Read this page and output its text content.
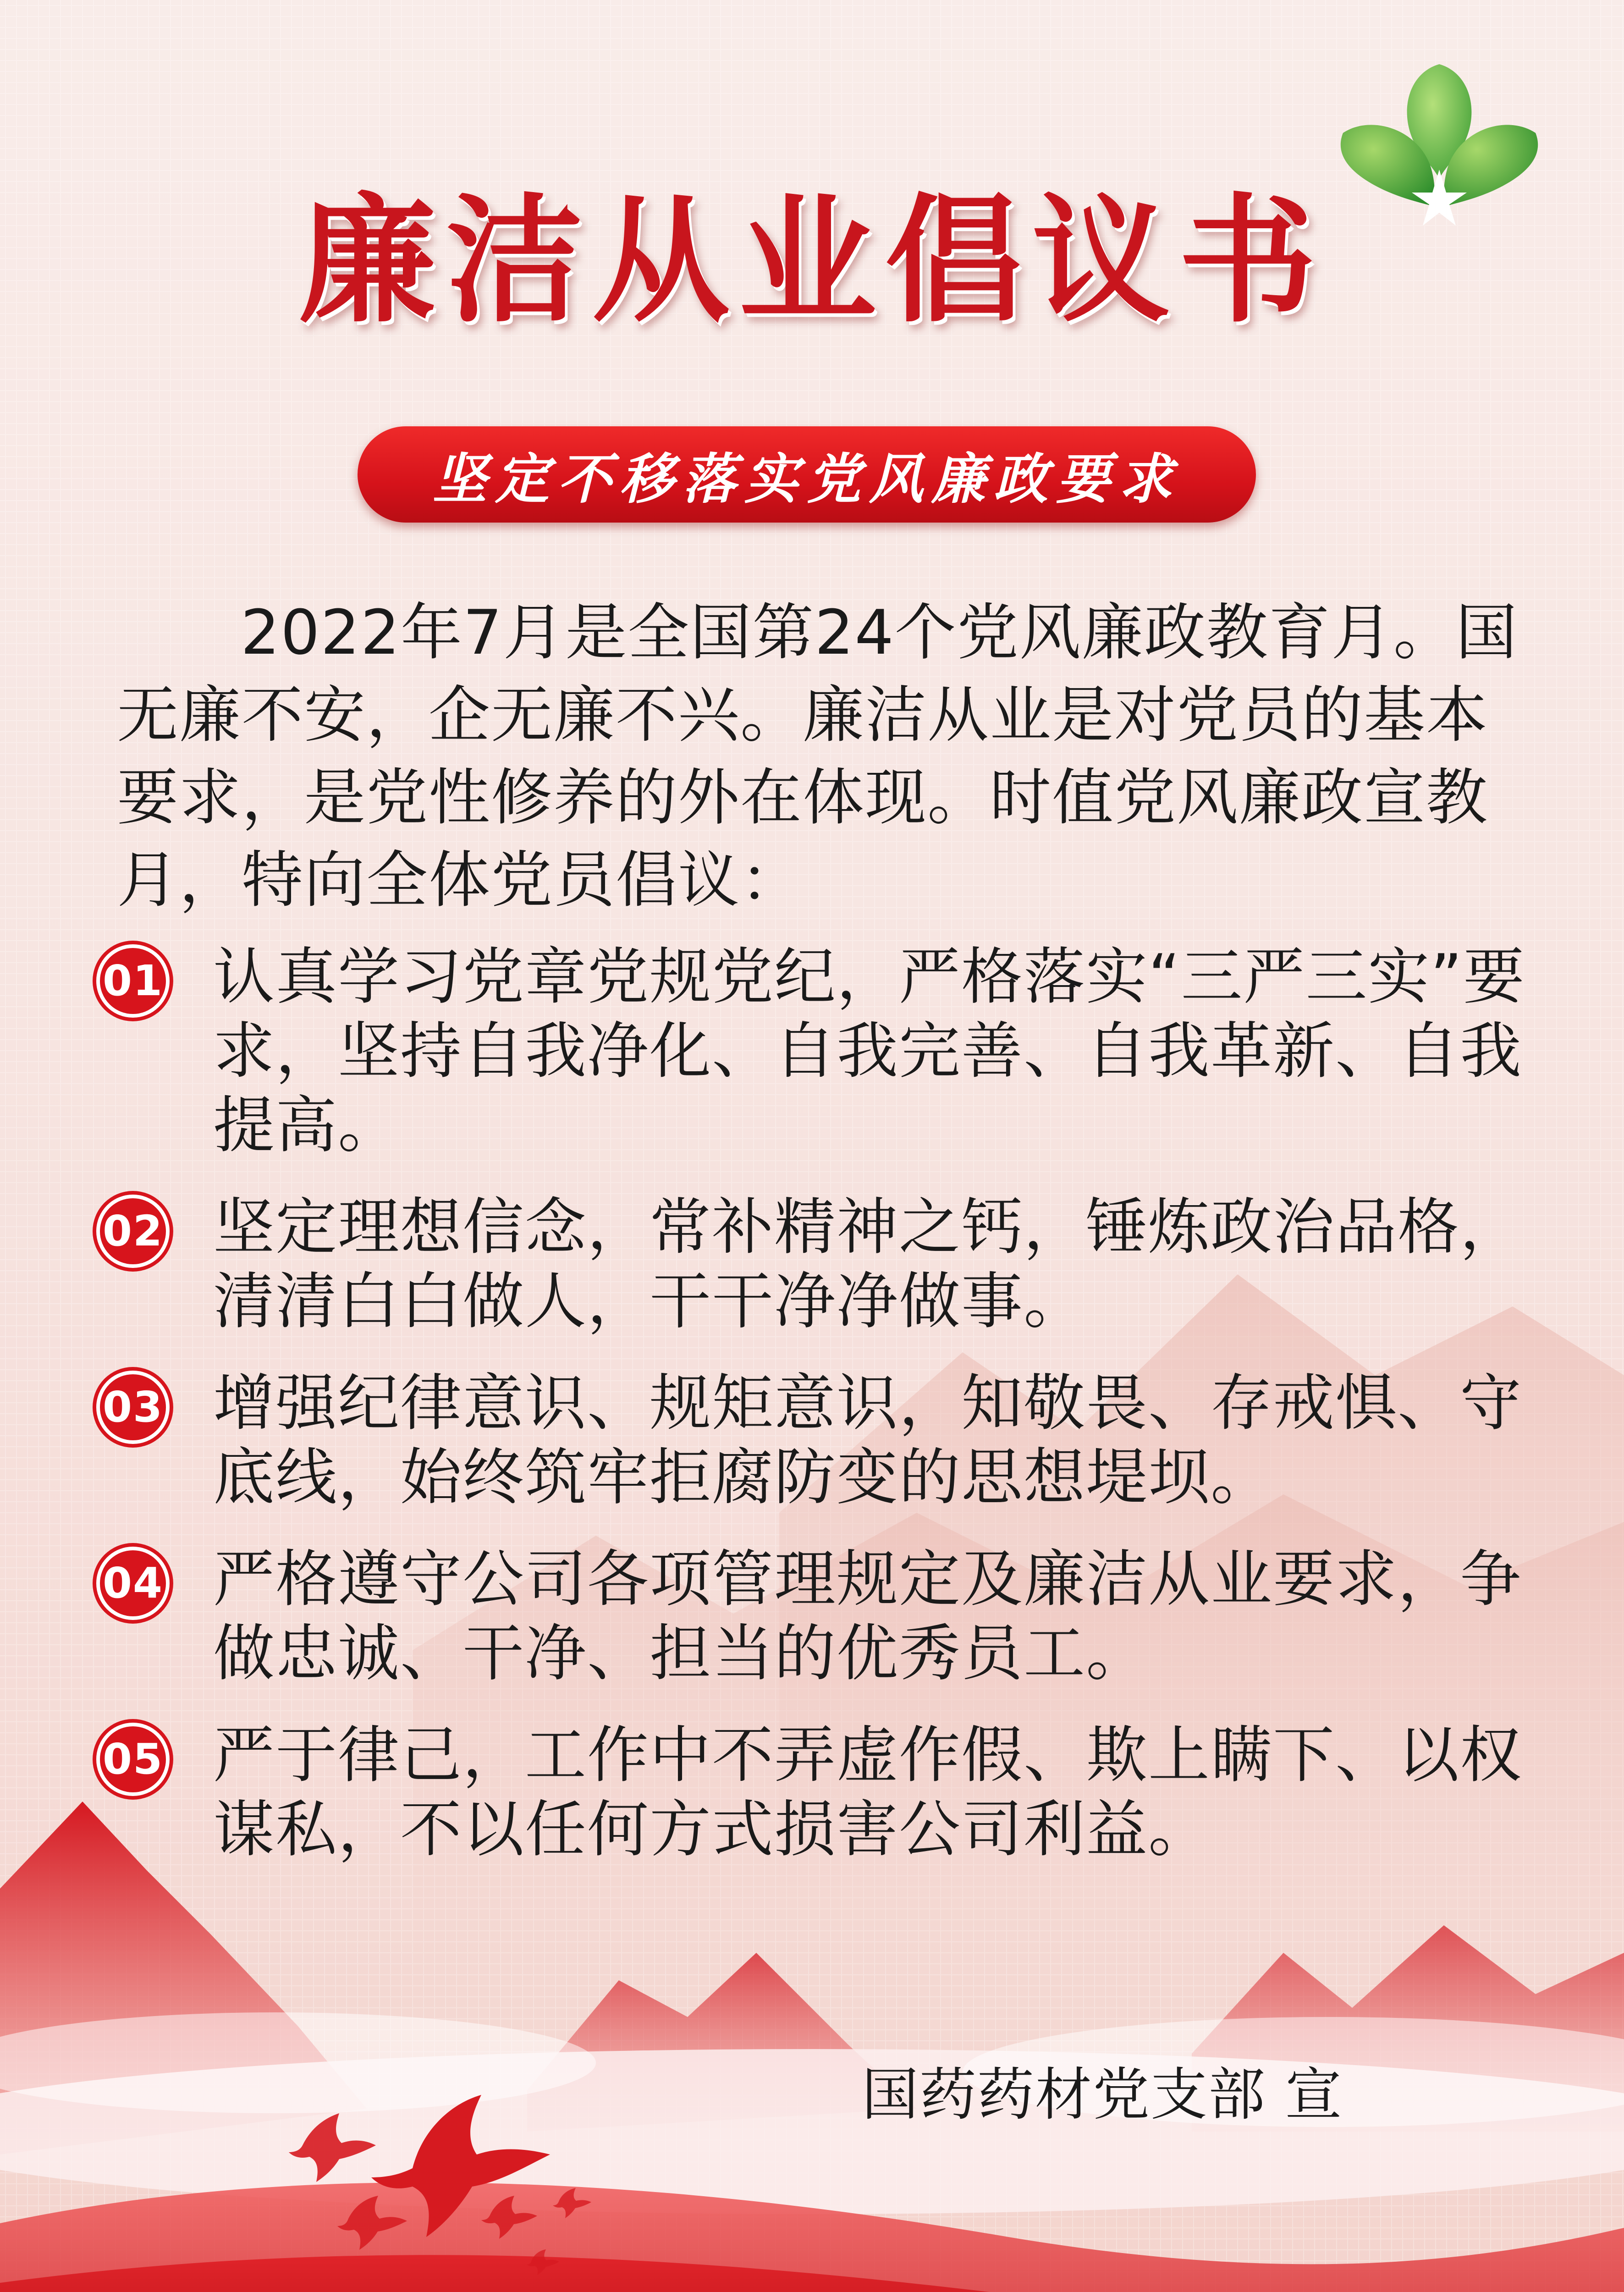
廉洁从业倡议书
坚定不移落实党风廉政要求

2022年7月是全国第24个党风廉政教育月。国无廉不安，企无廉不兴。廉洁从业是对党员的基本要求，是党性修养的外在体现。时值党风廉政宣教月，特向全体党员倡议：

01 认真学习党章党规党纪，严格落实“三严三实”要求，坚持自我净化、自我完善、自我革新、自我提高。
02 坚定理想信念，常补精神之钙，锤炼政治品格，清清白白做人，干干净净做事。
03 增强纪律意识、规矩意识，知敬畏、存戒惧、守底线，始终筑牢拒腐防变的思想堤坝。
04 严格遵守公司各项管理规定及廉洁从业要求，争做忠诚、干净、担当的优秀员工。
05 严于律己，工作中不弄虚作假、欺上瞒下、以权谋私，不以任何方式损害公司利益。
国药药材党支部 宣
